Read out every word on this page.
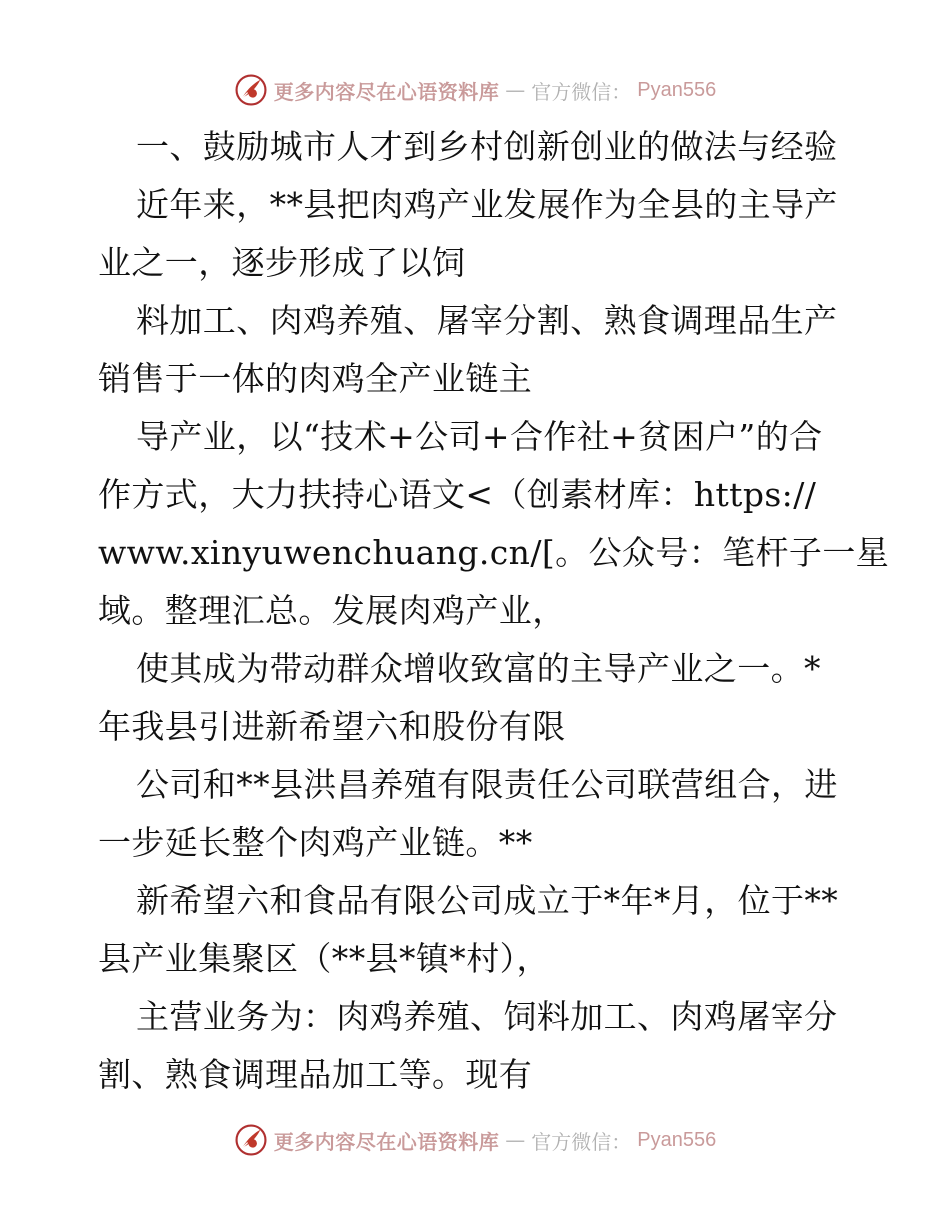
更多内容尽在心语资料库 — 官方微信： Pyan556
一、鼓励城市人才到乡村创新创业的做法与经验
近年来，**县把肉鸡产业发展作为全县的主导产
业之一，逐步形成了以饲
料加工、肉鸡养殖、屠宰分割、熟食调理品生产
销售于一体的肉鸡全产业链主
导产业，以“技术+公司+合作社+贫困户”的合
作方式，大力扶持心语文<（创素材库：https://
www.xinyuwenchuang.cn/[。公众号：笔杆子一星
域。整理汇总。发展肉鸡产业，
使其成为带动群众增收致富的主导产业之一。*
年我县引进新希望六和股份有限
公司和**县洪昌养殖有限责任公司联营组合，进
一步延长整个肉鸡产业链。**
新希望六和食品有限公司成立于*年*月，位于**
县产业集聚区（**县*镇*村），
主营业务为：肉鸡养殖、饲料加工、肉鸡屠宰分
割、熟食调理品加工等。现有
更多内容尽在心语资料库 — 官方微信： Pyan556
